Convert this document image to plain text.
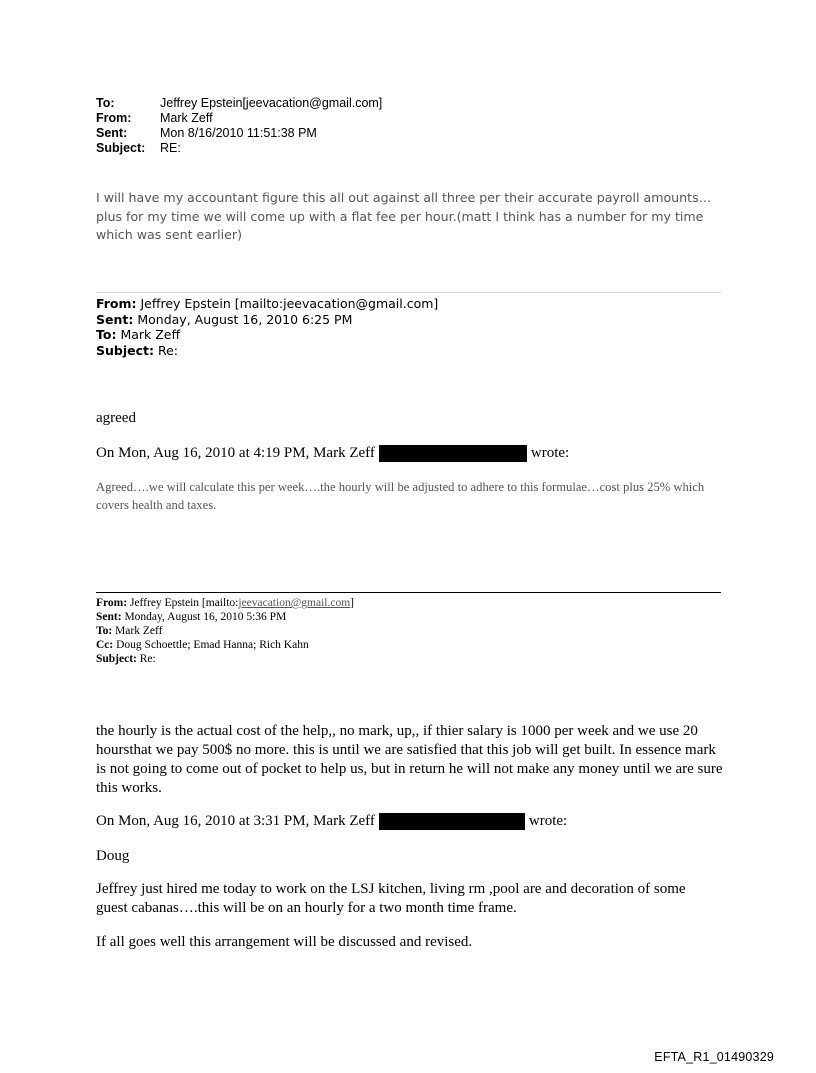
To:	Jeffrey Epstein[jeevacation@gmail.com]
From:	Mark Zeff
Sent:	Mon 8/16/2010 11:51:38 PM
Subject:	RE:
I will have my accountant figure this all out against all three per their accurate payroll amounts…plus for my time we will come up with a flat fee per hour.(matt I think has a number for my time which was sent earlier)
From: Jeffrey Epstein [mailto:jeevacation@gmail.com]
Sent: Monday, August 16, 2010 6:25 PM
To: Mark Zeff
Subject: Re:
agreed
On Mon, Aug 16, 2010 at 4:19 PM, Mark Zeff	wrote:
Agreed….we will calculate this per week….the hourly will be adjusted to adhere to this formulae…cost plus 25% which covers health and taxes.
From: Jeffrey Epstein [mailto:jeevacation@gmail.com]
Sent: Monday, August 16, 2010 5:36 PM
To: Mark Zeff
Cc: Doug Schoettle; Emad Hanna; Rich Kahn
Subject: Re:
the hourly is the actual cost of the help,, no mark, up,, if thier salary is 1000 per week and we use 20 hoursthat we pay 500$ no more. this is until we are satisfied that this job will get built. In essence mark is not going to come out of pocket to help us, but in return he will not make any money until we are sure this works.
On Mon, Aug 16, 2010 at 3:31 PM, Mark Zeff	wrote:
Doug
Jeffrey just hired me today to work on the LSJ kitchen, living rm ,pool are and decoration of some guest cabanas….this will be on an hourly for a two month time frame.
If all goes well this arrangement will be discussed and revised.
EFTA_R1_01490329
